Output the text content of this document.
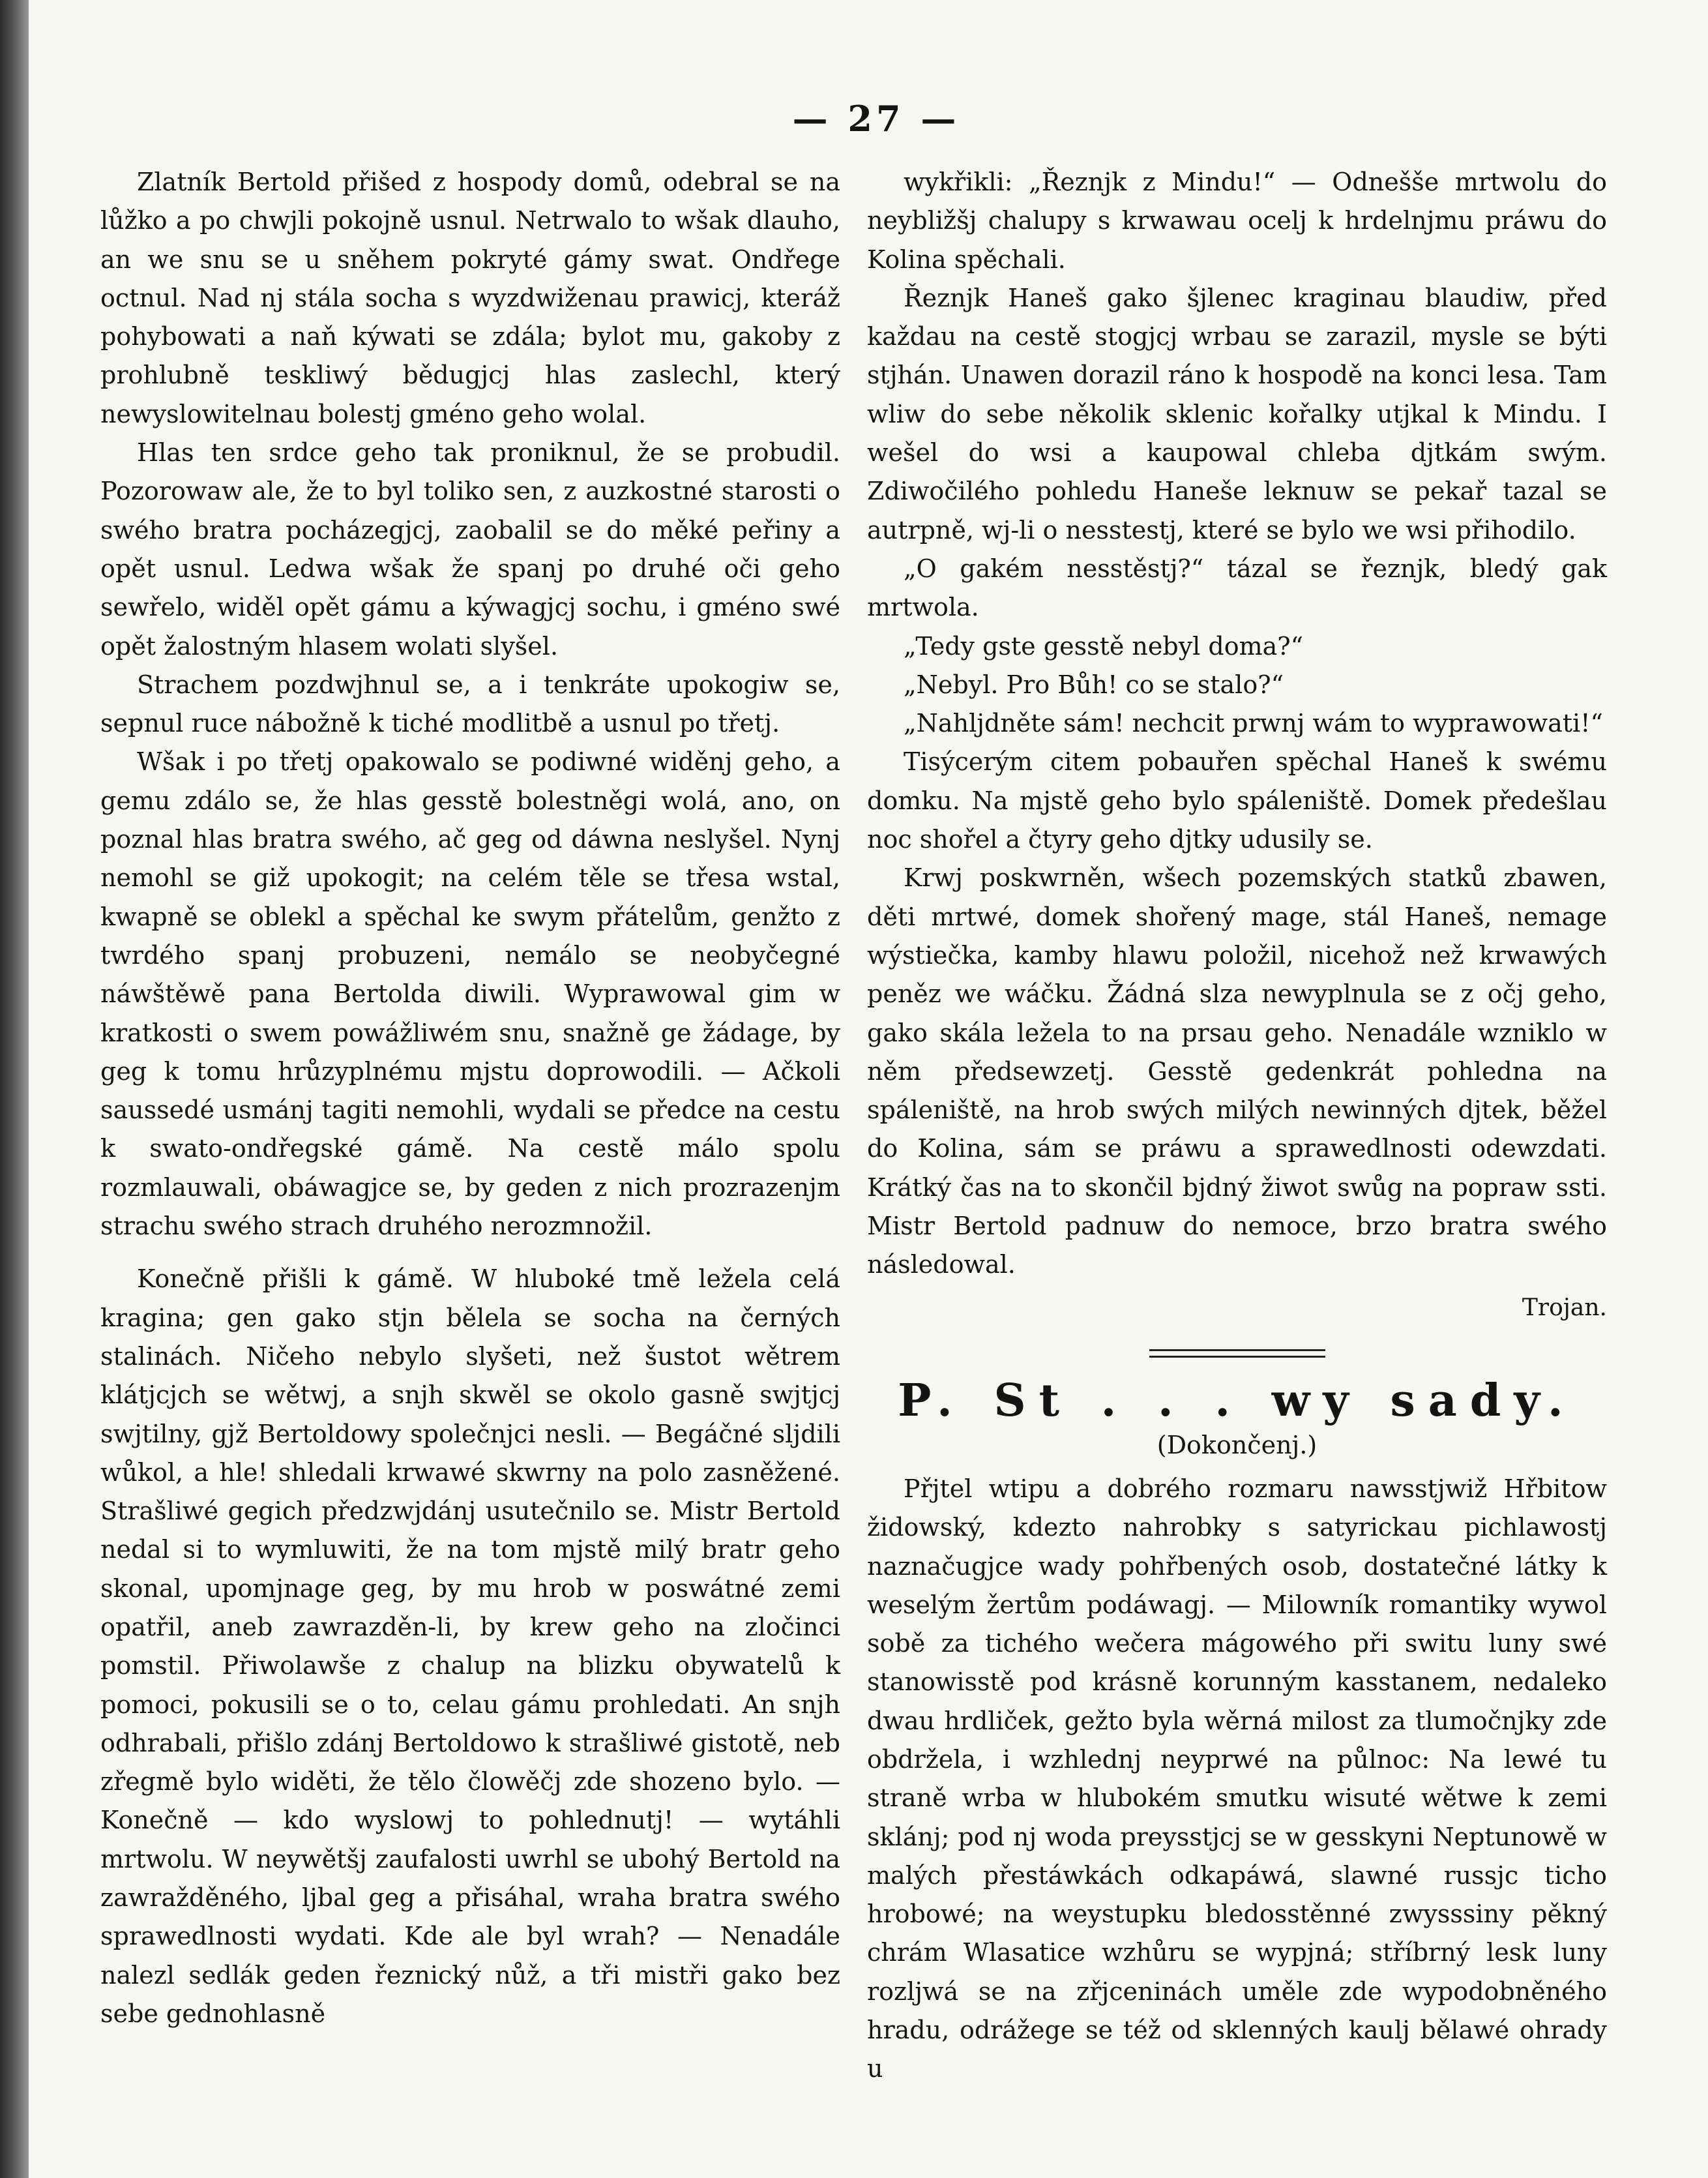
— 27 —

Zlatník Bertold přišed z hospody domů, odebral se na lůžko a po chwjli pokojně usnul. Netrwalo to wšak dlauho, an we snu se u sněhem pokryté gámy swat. Ondřege octnul. Nad nj stála socha s wyzdwiženau prawicj, kteráž pohybowati a naň kýwati se zdála; bylot mu, gakoby z prohlubně teskliwý bědugjcj hlas zaslechl, který newyslowitelnau bolestj gméno geho wolal.

Hlas ten srdce geho tak proniknul, že se probudil. Pozorowaw ale, že to byl toliko sen, z auzkostné starosti o swého bratra pocházegjcj, zaobalil se do měké peřiny a opět usnul. Ledwa wšak že spanj po druhé oči geho sewřelo, widěl opět gámu a kýwagjcj sochu, i gméno swé opět žalostným hlasem wolati slyšel.

Strachem pozdwjhnul se, a i tenkráte upokogiw se, sepnul ruce nábožně k tiché modlitbě a usnul po třetj.

Wšak i po třetj opakowalo se podiwné widěnj geho, a gemu zdálo se, že hlas gesstě bolestněgi wolá, ano, on poznal hlas bratra swého, ač geg od dáwna neslyšel. Nynj nemohl se giž upokogit; na celém těle se třesa wstal, kwapně se oblekl a spěchal ke swym přátelům, genžto z twrdého spanj probuzeni, nemálo se neobyčegné náwštěwě pana Bertolda diwili. Wyprawowal gim w kratkosti o swem powážliwém snu, snažně ge žádage, by geg k tomu hrůzyplnému mjstu doprowodili. — Ačkoli saussedé usmánj tagiti nemohli, wydali se předce na cestu k swato-ondřegské gámě. Na cestě málo spolu rozmlauwali, obáwagjce se, by geden z nich prozrazenjm strachu swého strach druhého nerozmnožil.

Konečně přišli k gámě. W hluboké tmě ležela celá kragina; gen gako stjn bělela se socha na černých stalinách. Ničeho nebylo slyšeti, než šustot wětrem klátjcjch se wětwj, a snjh skwěl se okolo gasně swjtjcj swjtilny, gjž Bertoldowy společnjci nesli. — Begáčné sljdili wůkol, a hle! shledali krwawé skwrny na polo zasněžené. Strašliwé gegich předzwjdánj usutečnilo se. Mistr Bertold nedal si to wymluwiti, že na tom mjstě milý bratr geho skonal, upomjnage geg, by mu hrob w poswátné zemi opatřil, aneb zawrazděn-li, by krew geho na zločinci pomstil. Přiwolawše z chalup na blizku obywatelů k pomoci, pokusili se o to, celau gámu prohledati. An snjh odhrabali, přišlo zdánj Bertoldowo k strašliwé gistotě, neb zřegmě bylo widěti, že tělo člowěčj zde shozeno bylo. — Konečně — kdo wyslowj to pohlednutj! — wytáhli mrtwolu. W neywětšj zaufalosti uwrhl se ubohý Bertold na zawražděného, ljbal geg a přisáhal, wraha bratra swého sprawedlnosti wydati. Kde ale byl wrah? — Nenadále nalezl sedlák geden řeznický nůž, a tři mistři gako bez sebe gednohlasně

wykřikli: „Řeznjk z Mindu!“ — Odnešše mrtwolu do neybližšj chalupy s krwawau ocelj k hrdelnjmu práwu do Kolina spěchali.

Řeznjk Haneš gako šjlenec kraginau blaudiw, před každau na cestě stogjcj wrbau se zarazil, mysle se býti stjhán. Unawen dorazil ráno k hospodě na konci lesa. Tam wliw do sebe několik sklenic kořalky utjkal k Mindu. I wešel do wsi a kaupowal chleba djtkám swým. Zdiwočilého pohledu Haneše leknuw se pekař tazal se autrpně, wj-li o nesstestj, které se bylo we wsi přihodilo.

„O gakém nesstěstj?“ tázal se řeznjk, bledý gak mrtwola.

„Tedy gste gesstě nebyl doma?“

„Nebyl. Pro Bůh! co se stalo?“

„Nahljdněte sám! nechcit prwnj wám to wyprawowati!“

Tisýcerým citem pobauřen spěchal Haneš k swému domku. Na mjstě geho bylo spáleniště. Domek předešlau noc shořel a čtyry geho djtky udusily se.

Krwj poskwrněn, wšech pozemských statků zbawen, děti mrtwé, domek shořený mage, stál Haneš, nemage wýstiečka, kamby hlawu položil, nicehož než krwawých peněz we wáčku. Žádná slza newyplnula se z očj geho, gako skála ležela to na prsau geho. Nenadále wzniklo w něm předsewzetj. Gesstě gedenkrát pohledna na spáleniště, na hrob swých milých newinných djtek, běžel do Kolina, sám se práwu a sprawedlnosti odewzdati. Krátký čas na to skončil bjdný žiwot swůg na popraw ssti. Mistr Bertold padnuw do nemoce, brzo bratra swého následowal.

Trojan.
P. St . . . wy sady.
(Dokončenj.)

Přjtel wtipu a dobrého rozmaru nawsstjwiž Hřbitow židowský, kdezto nahrobky s satyrickau pichlawostj naznačugjce wady pohřbených osob, dostatečné látky k weselým žertům podáwagj. — Milowník romantiky wywol sobě za tichého wečera mágowého při switu luny swé stanowisstě pod krásně korunným kasstanem, nedaleko dwau hrdliček, gežto byla wěrná milost za tlumočnjky zde obdržela, i wzhlednj neyprwé na půlnoc: Na lewé tu straně wrba w hlubokém smutku wisuté wětwe k zemi sklánj; pod nj woda preysstjcj se w gesskyni Neptunowě w malých přestáwkách odkapáwá, slawné russjc ticho hrobowé; na weystupku bledosstěnné zwysssiny pěkný chrám Wlasatice wzhůru se wypjná; stříbrný lesk luny rozljwá se na zřjceninách uměle zde wypodobněného hradu, odrážege se též od sklenných kaulj bělawé ohrady u
